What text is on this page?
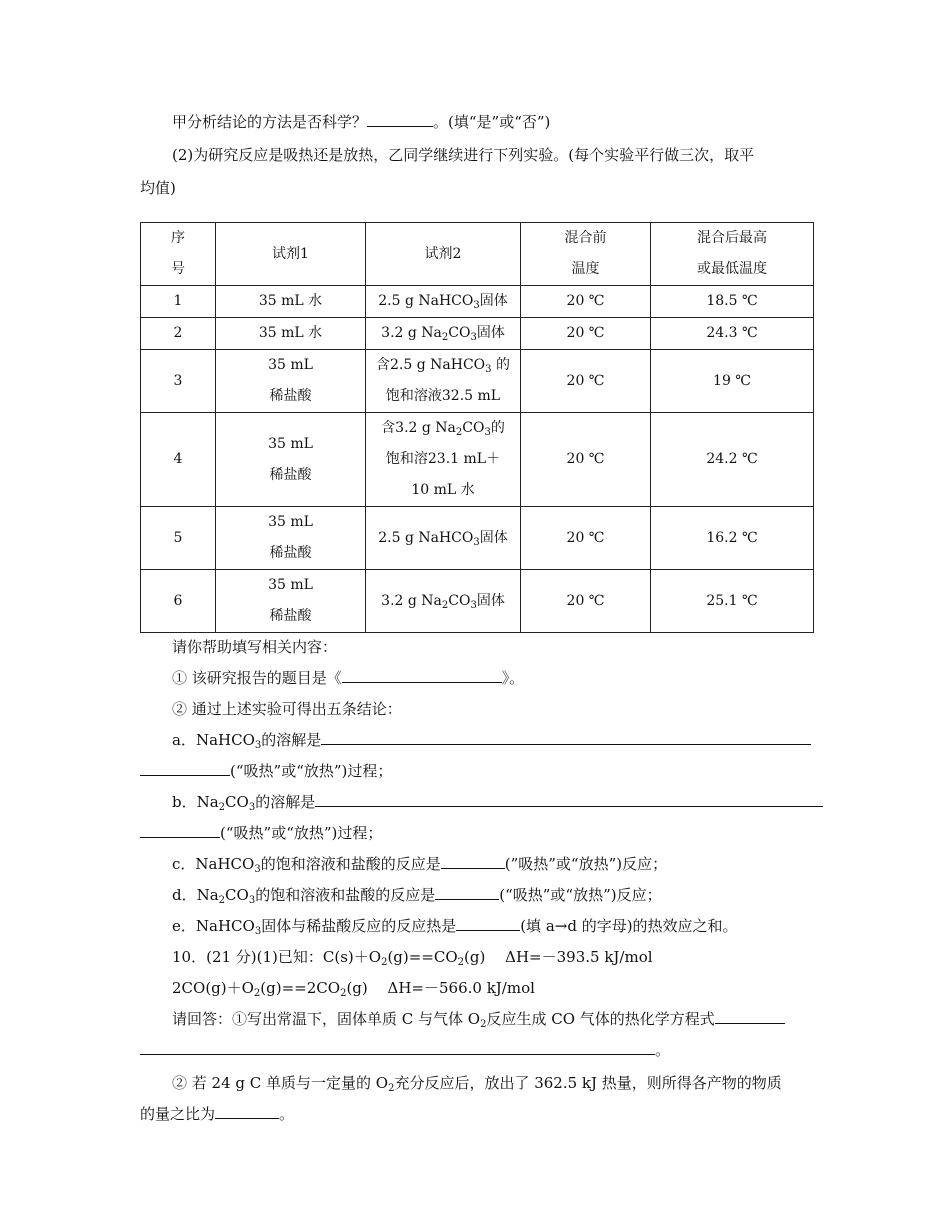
甲分析结论的方法是否科学？	。(填“是”或“否”)
(2)为研究反应是吸热还是放热，乙同学继续进行下列实验。(每个实验平行做三次，取平
均值)
序
号	试剂1	试剂2	混合前
温度	混合后最高
或最低温度
1	35 mL 水	2.5 g NaHCO$_3$固体	20 ℃	18.5 ℃
2	35 mL 水	3.2 g $Na_2CO_3$固体	20 ℃	24.3 ℃
3	35 mL
稀盐酸	含2.5 g NaHCO$_3$ 的
饱和溶液32.5 mL	20 ℃	19 ℃
4	35 mL
稀盐酸	含3.2 g $Na_2CO_3$的
饱和溶23.1 mL＋
10 mL 水	20 ℃	24.2 ℃
5	35 mL
稀盐酸	2.5 g NaHCO$_3$固体	20 ℃	16.2 ℃
6	35 mL
稀盐酸	3.2 g $Na_2CO_3$固体	20 ℃	25.1 ℃
请你帮助填写相关内容：
① 该研究报告的题目是《	》。
② 通过上述实验可得出五条结论：
a．NaHCO$_3$的溶解是
(“吸热”或“放热”)过程；
b．$Na_2CO_3$的溶解是
(“吸热”或“放热”)过程；
c．NaHCO$_3$的饱和溶液和盐酸的反应是	(”吸热”或“放热”)反应；
d．$Na_2CO_3$的饱和溶液和盐酸的反应是	(“吸热”或“放热”)反应；
e．NaHCO$_3$固体与稀盐酸反应的反应热是	(填 a→d 的字母)的热效应之和。
10．(21 分)(1)已知：$C(s)+O_2(g)==CO_2(g)$　 ΔH=－393.5 kJ/mol
$2CO(g)+O_2(g)==2CO_2(g)$　 ΔH=－566.0 kJ/mol
请回答：①写出常温下，固体单质 C 与气体 $O_2$反应生成 CO 气体的热化学方程式
。
② 若 24 g C 单质与一定量的 $O_2$充分反应后，放出了 362.5 kJ 热量，则所得各产物的物质
的量之比为	。
